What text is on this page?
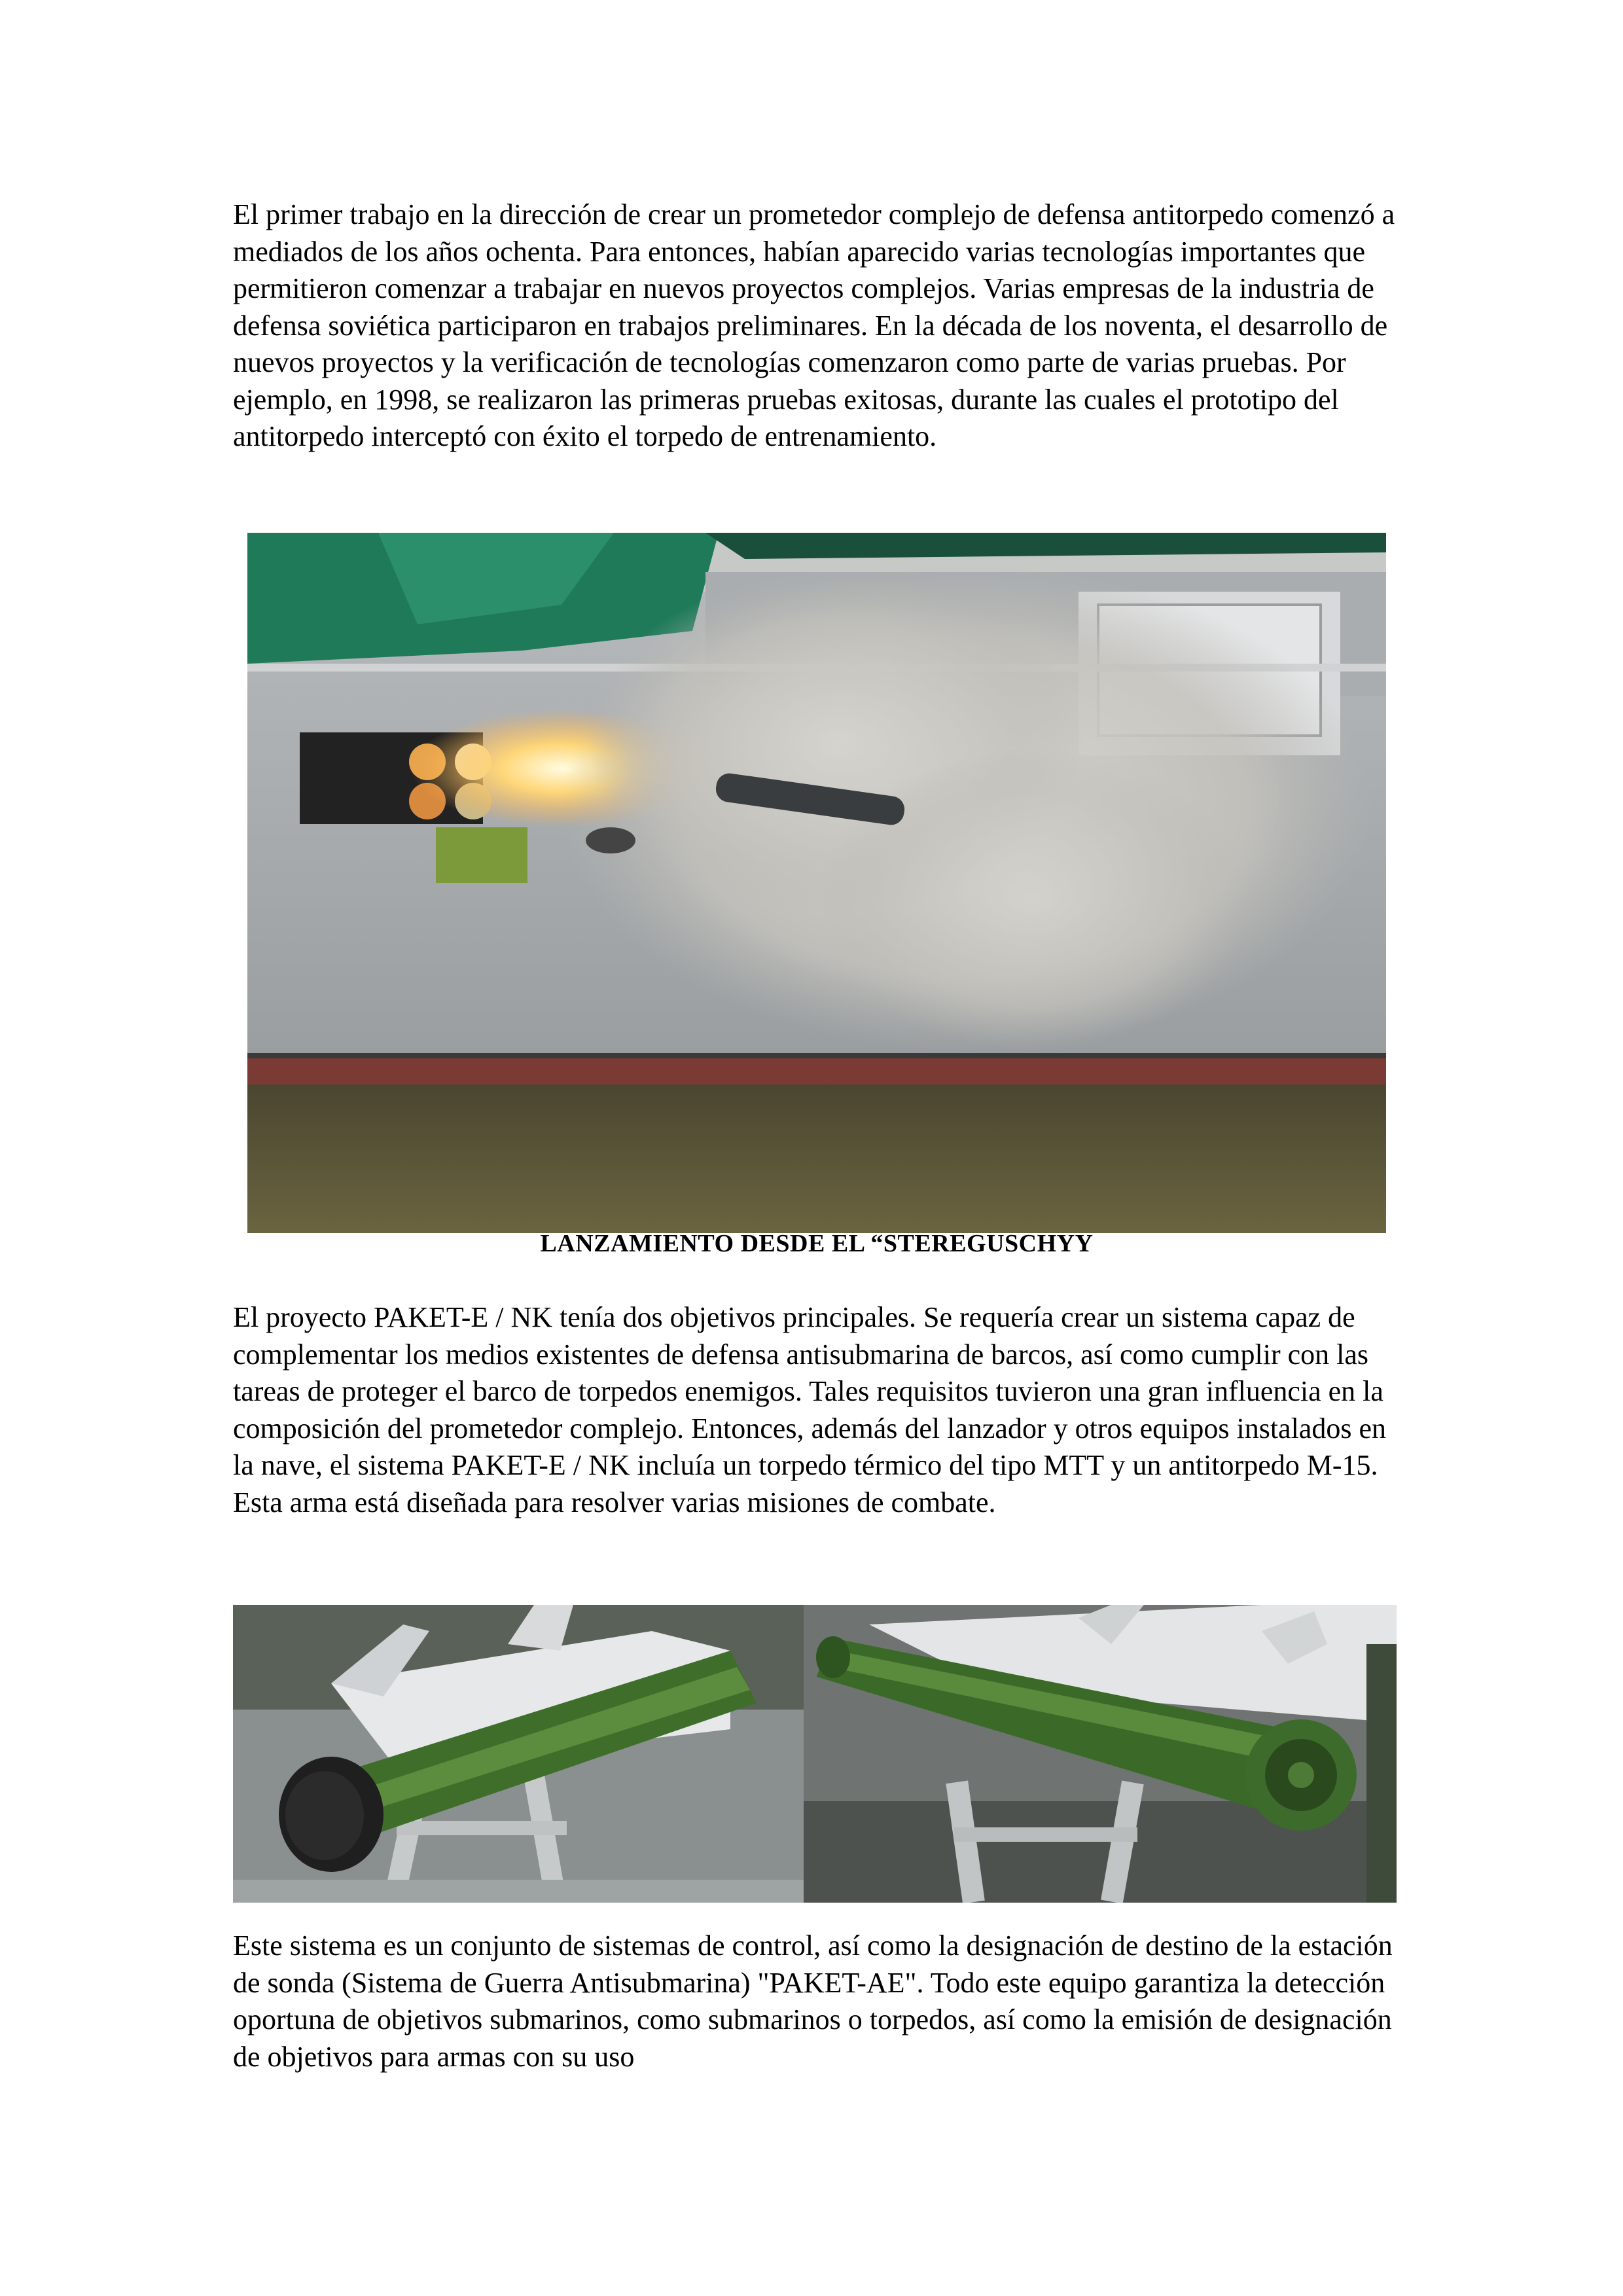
El primer trabajo en la dirección de crear un prometedor complejo de defensa antitorpedo comenzó a mediados de los años ochenta. Para entonces, habían aparecido varias tecnologías importantes que permitieron comenzar a trabajar en nuevos proyectos complejos. Varias empresas de la industria de defensa soviética participaron en trabajos preliminares. En la década de los noventa, el desarrollo de nuevos proyectos y la verificación de tecnologías comenzaron como parte de varias pruebas. Por ejemplo, en 1998, se realizaron las primeras pruebas exitosas, durante las cuales el prototipo del antitorpedo interceptó con éxito el torpedo de entrenamiento.

LANZAMIENTO DESDE EL “STEREGUSCHYY

El proyecto PAKET-E / NK tenía dos objetivos principales. Se requería crear un sistema capaz de complementar los medios existentes de defensa antisubmarina de barcos, así como cumplir con las tareas de proteger el barco de torpedos enemigos. Tales requisitos tuvieron una gran influencia en la composición del prometedor complejo. Entonces, además del lanzador y otros equipos instalados en la nave, el sistema PAKET-E / NK incluía un torpedo térmico del tipo MTT y un antitorpedo M-15. Esta arma está diseñada para resolver varias misiones de combate.

Este sistema es un conjunto de sistemas de control, así como la designación de destino de la estación de sonda (Sistema de Guerra Antisubmarina) "PAKET-AE". Todo este equipo garantiza la detección oportuna de objetivos submarinos, como submarinos o torpedos, así como la emisión de designación de objetivos para armas con su uso
